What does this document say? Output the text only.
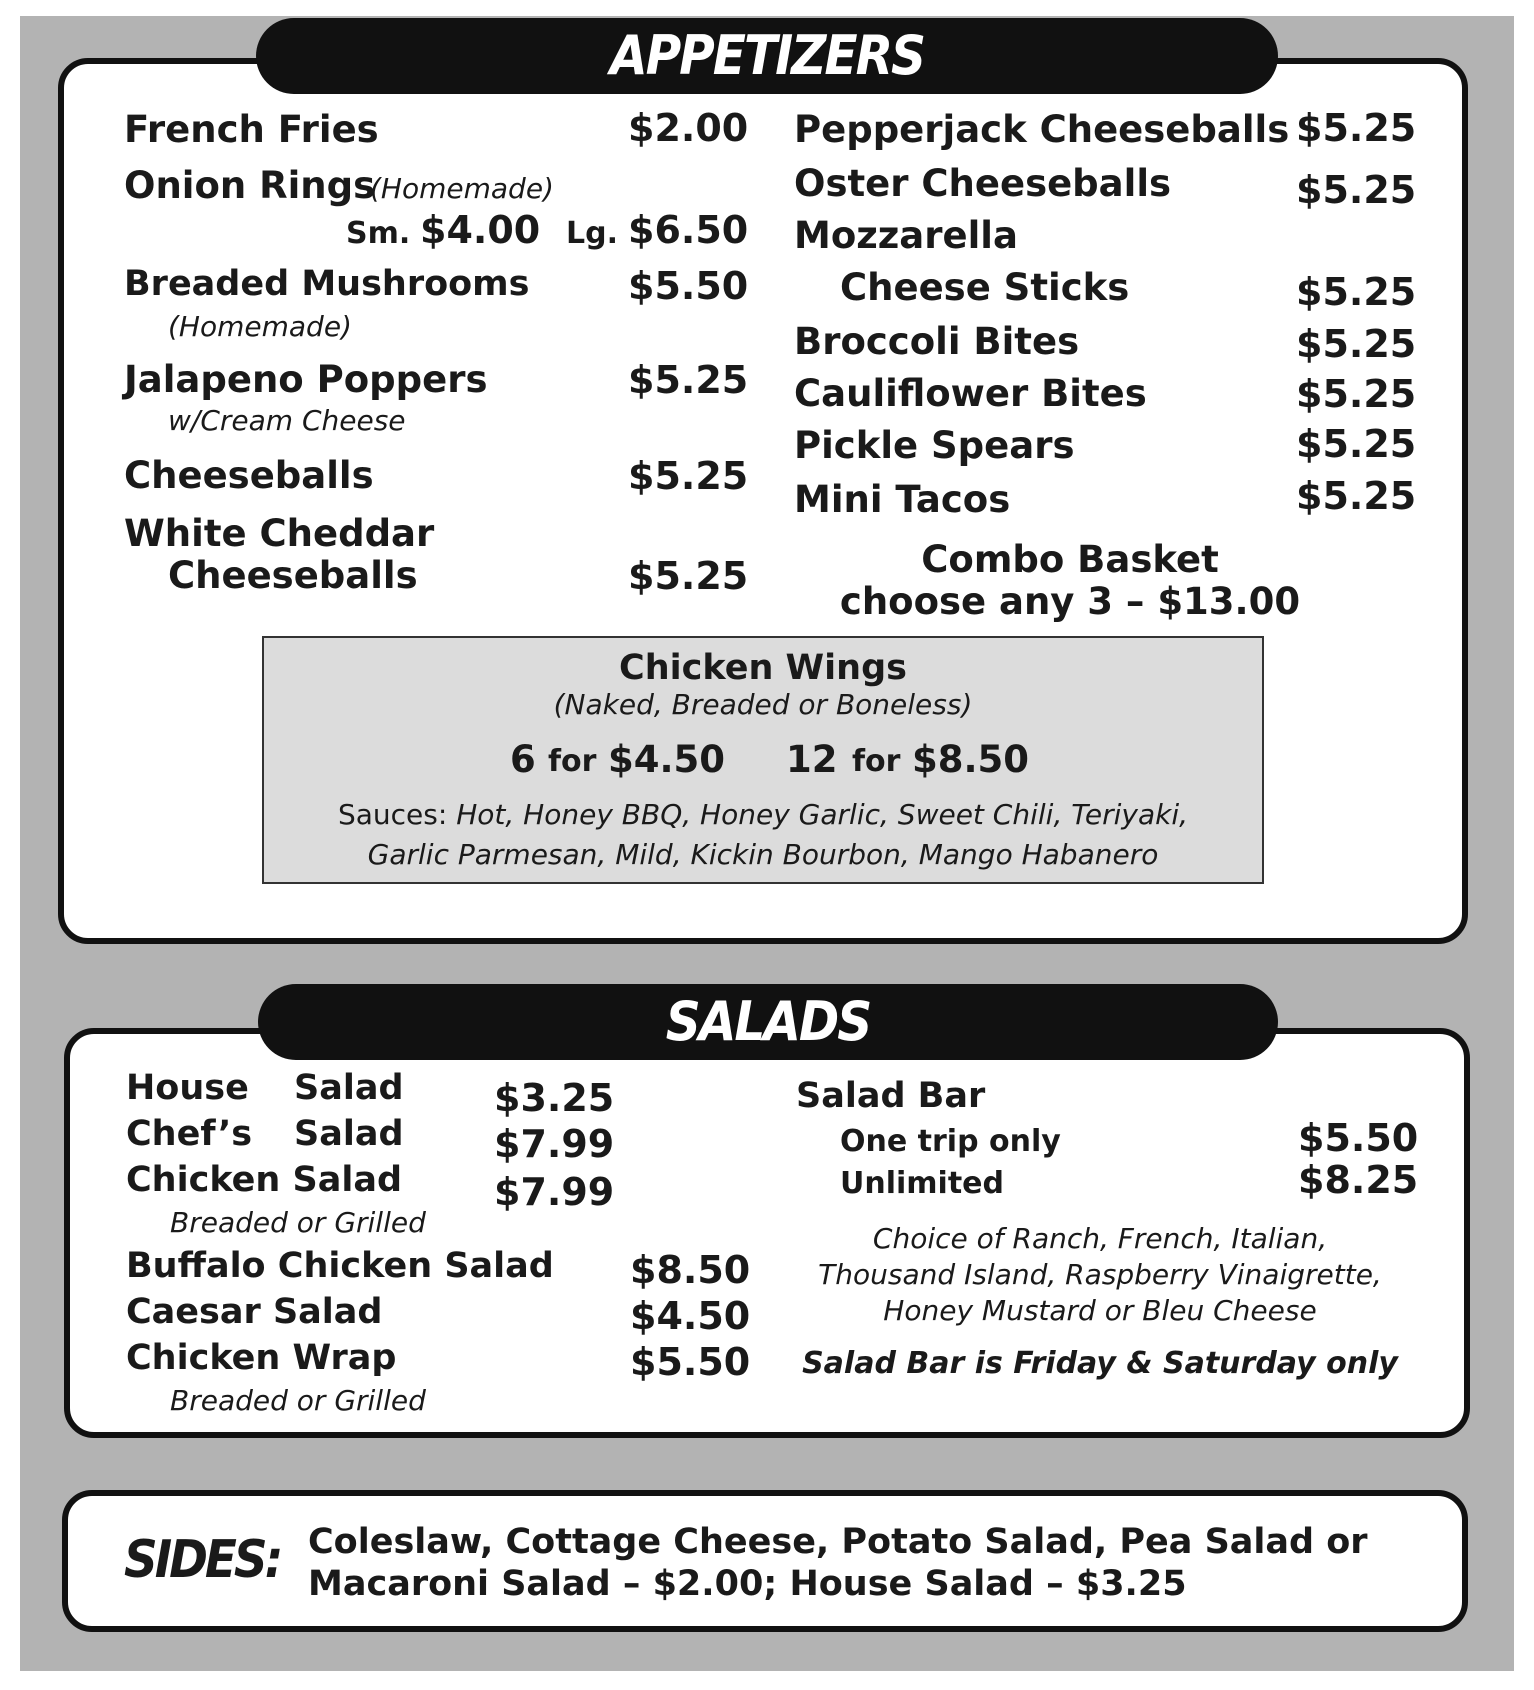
APPETIZERS
French Fries	$2.00
Onion Rings
(Homemade)
Sm. $4.00 Lg. $6.50
Breaded Mushrooms	$5.50
(Homemade)
Jalapeno Poppers	$5.25
w/Cream Cheese
Cheeseballs	$5.25
White Cheddar
Cheeseballs	$5.25
Pepperjack Cheeseballs $5.25
Oster Cheeseballs	$5.25
Mozzarella
Cheese Sticks	$5.25
Broccoli Bites	$5.25
Cauliflower Bites	$5.25
Pickle Spears	$5.25
Mini Tacos	$5.25
Combo Basket
choose any 3 – $13.00
Chicken Wings
(Naked, Breaded or Boneless)
6 for $4.50 12 for $8.50
Sauces: Hot, Honey BBQ, Honey Garlic, Sweet Chili, Teriyaki,
Garlic Parmesan, Mild, Kickin Bourbon, Mango Habanero
SALADS
House Salad $3.25
Chef’s Salad $7.99
Chicken Salad $7.99
Breaded or Grilled
Buffalo Chicken Salad $8.50
Caesar Salad	$4.50
Chicken Wrap	$5.50
Breaded or Grilled
Salad Bar
One trip only	$5.50
Unlimited	$8.25
Choice of Ranch, French, Italian,
Thousand Island, Raspberry Vinaigrette,
Honey Mustard or Bleu Cheese
Salad Bar is Friday & Saturday only
SIDES: Coleslaw, Cottage Cheese, Potato Salad, Pea Salad or
Macaroni Salad – $2.00; House Salad – $3.25
